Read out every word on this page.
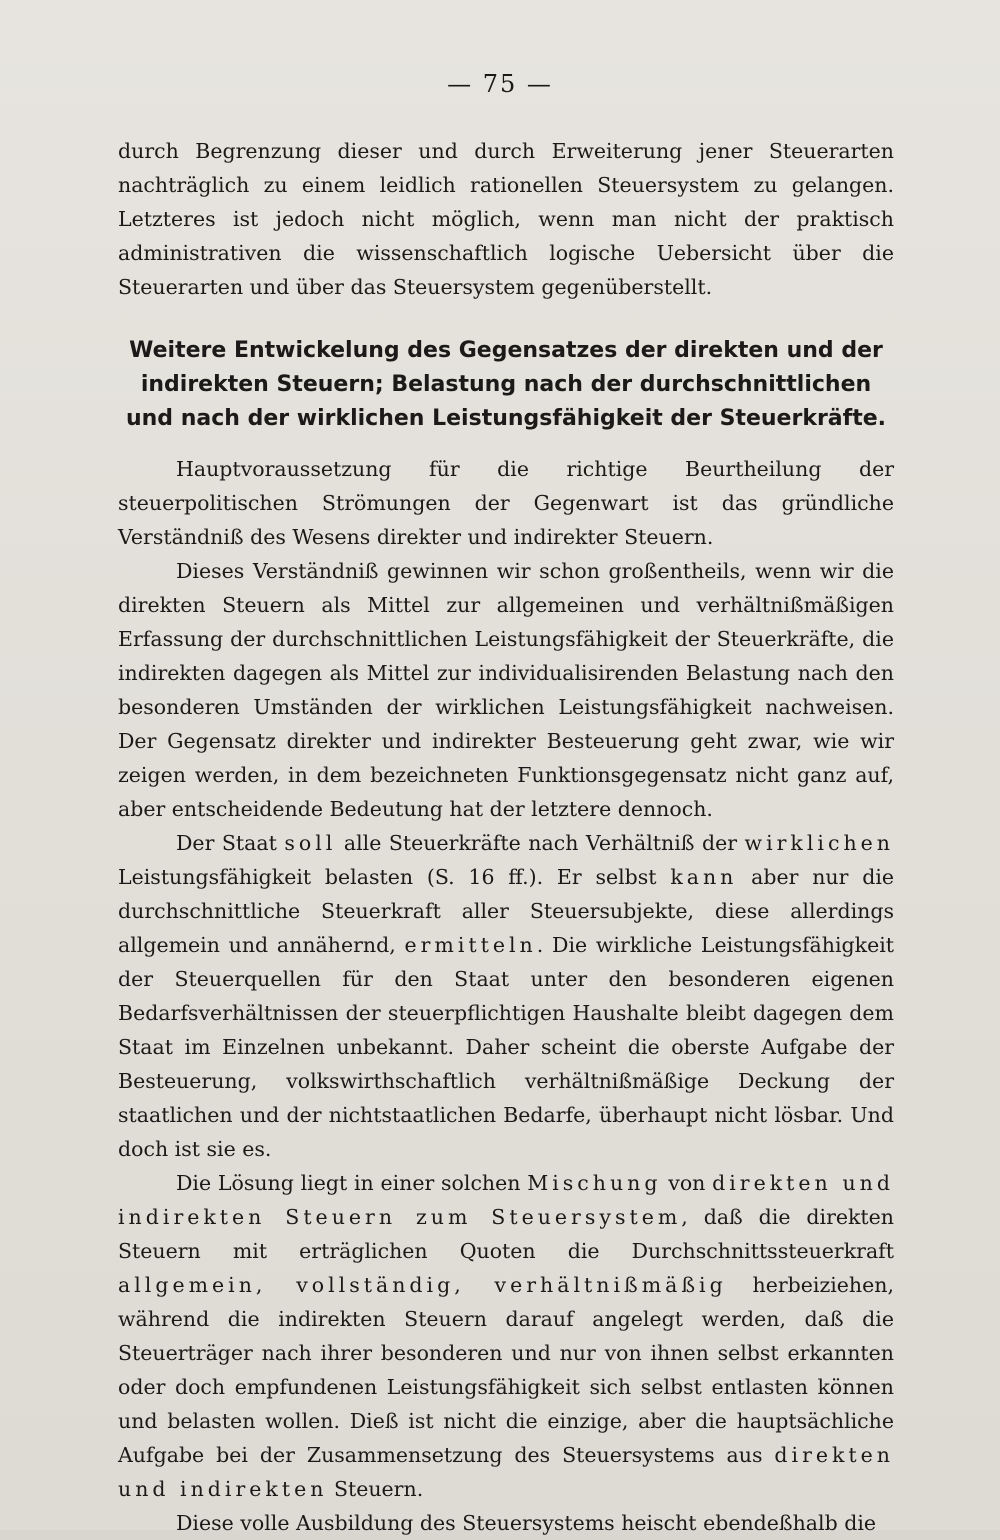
— 75 —
durch Begrenzung dieser und durch Erweiterung jener Steuerarten nachträglich zu einem leidlich rationellen Steuersystem zu gelangen. Letzteres ist jedoch nicht möglich, wenn man nicht der praktisch administrativen die wissenschaftlich logische Uebersicht über die Steuerarten und über das Steuersystem gegenüberstellt.
Weitere Entwickelung des Gegensatzes der direkten und der indirekten Steuern; Belastung nach der durchschnittlichen und nach der wirklichen Leistungsfähigkeit der Steuerkräfte.

Hauptvoraussetzung für die richtige Beurtheilung der steuerpolitischen Strömungen der Gegenwart ist das gründliche Verständniß des Wesens direkter und indirekter Steuern.

Dieses Verständniß gewinnen wir schon großentheils, wenn wir die direkten Steuern als Mittel zur allgemeinen und verhältnißmäßigen Erfassung der durchschnittlichen Leistungsfähigkeit der Steuerkräfte, die indirekten dagegen als Mittel zur individualisirenden Belastung nach den besonderen Umständen der wirklichen Leistungsfähigkeit nachweisen. Der Gegensatz direkter und indirekter Besteuerung geht zwar, wie wir zeigen werden, in dem bezeichneten Funktionsgegensatz nicht ganz auf, aber entscheidende Bedeutung hat der letztere dennoch.

Der Staat soll alle Steuerkräfte nach Verhältniß der wirklichen Leistungsfähigkeit belasten (S. 16 ff.). Er selbst kann aber nur die durchschnittliche Steuerkraft aller Steuersubjekte, diese allerdings allgemein und annähernd, ermitteln. Die wirkliche Leistungsfähigkeit der Steuerquellen für den Staat unter den besonderen eigenen Bedarfsverhältnissen der steuerpflichtigen Haushalte bleibt dagegen dem Staat im Einzelnen unbekannt. Daher scheint die oberste Aufgabe der Besteuerung, volkswirthschaftlich verhältnißmäßige Deckung der staatlichen und der nichtstaatlichen Bedarfe, überhaupt nicht lösbar. Und doch ist sie es.

Die Lösung liegt in einer solchen Mischung von direkten und indirekten Steuern zum Steuersystem, daß die direkten Steuern mit erträglichen Quoten die Durchschnittssteuerkraft allgemein, vollständig, verhältnißmäßig herbeiziehen, während die indirekten Steuern darauf angelegt werden, daß die Steuerträger nach ihrer besonderen und nur von ihnen selbst erkannten oder doch empfundenen Leistungsfähigkeit sich selbst entlasten können und belasten wollen. Dieß ist nicht die einzige, aber die hauptsächliche Aufgabe bei der Zusammensetzung des Steuersystems aus direkten und indirekten Steuern.

Diese volle Ausbildung des Steuersystems heischt ebendeßhalb die
